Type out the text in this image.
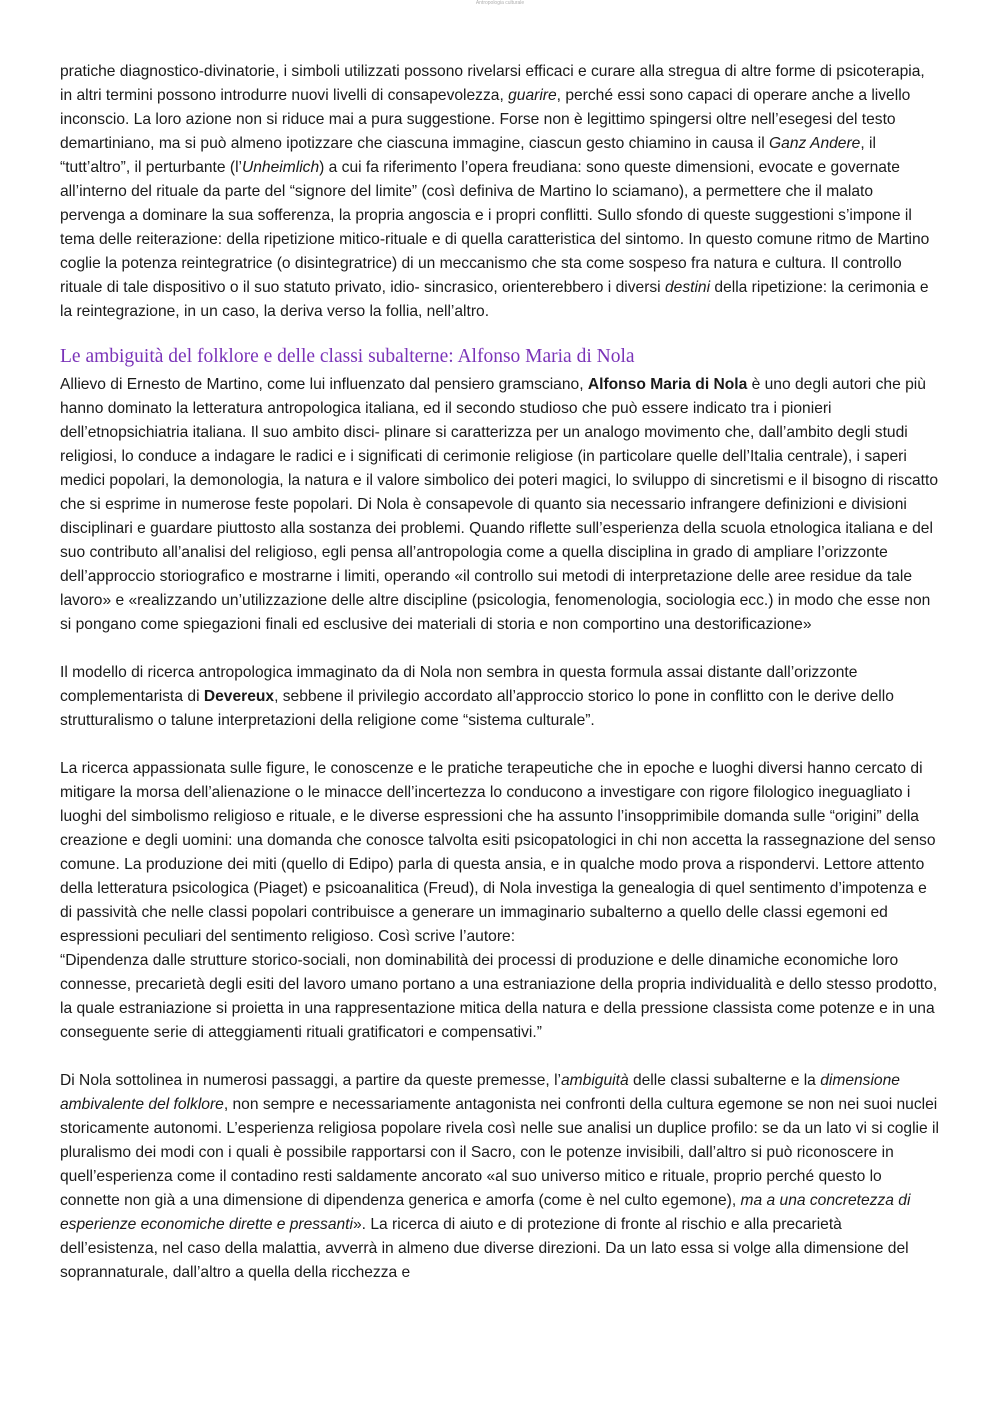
Antropologia culturale

pratiche diagnostico-divinatorie, i simboli utilizzati possono rivelarsi efficaci e curare alla stregua di altre forme di psicoterapia, in altri termini possono introdurre nuovi livelli di consapevolezza, guarire, perché essi sono capaci di operare anche a livello inconscio. La loro azione non si riduce mai a pura suggestione. Forse non è legittimo spingersi oltre nell’esegesi del testo demartiniano, ma si può almeno ipotizzare che ciascuna immagine, ciascun gesto chiamino in causa il Ganz Andere, il “tutt’altro”, il perturbante (l’Unheimlich) a cui fa riferimento l’opera freudiana: sono queste dimensioni, evocate e governate all’interno del rituale da parte del “signore del limite” (così definiva de Martino lo sciamano), a permettere che il malato pervenga a dominare la sua sofferenza, la propria angoscia e i propri conflitti. Sullo sfondo di queste suggestioni s’impone il tema delle reiterazione: della ripetizione mitico-rituale e di quella caratteristica del sintomo. In questo comune ritmo de Martino coglie la potenza reintegratrice (o disintegratrice) di un meccanismo che sta come sospeso fra natura e cultura. Il controllo rituale di tale dispositivo o il suo statuto privato, idio- sincrasico, orienterebbero i diversi destini della ripetizione: la cerimonia e la reintegrazione, in un caso, la deriva verso la follia, nell’altro.

Le ambiguità del folklore e delle classi subalterne: Alfonso Maria di Nola

Allievo di Ernesto de Martino, come lui influenzato dal pensiero gramsciano, Alfonso Maria di Nola è uno degli autori che più hanno dominato la letteratura antropologica italiana, ed il secondo studioso che può essere indicato tra i pionieri dell’etnopsichiatria italiana. Il suo ambito disci- plinare si caratterizza per un analogo movimento che, dall’ambito degli studi religiosi, lo conduce a indagare le radici e i significati di cerimonie religiose (in particolare quelle dell’Italia centrale), i saperi medici popolari, la demonologia, la natura e il valore simbolico dei poteri magici, lo sviluppo di sincretismi e il bisogno di riscatto che si esprime in numerose feste popolari. Di Nola è consapevole di quanto sia necessario infrangere definizioni e divisioni disciplinari e guardare piuttosto alla sostanza dei problemi. Quando riflette sull’esperienza della scuola etnologica italiana e del suo contributo all’analisi del religioso, egli pensa all’antropologia come a quella disciplina in grado di ampliare l’orizzonte dell’approccio storiografico e mostrarne i limiti, operando «il controllo sui metodi di interpretazione delle aree residue da tale lavoro» e «realizzando un’utilizzazione delle altre discipline (psicologia, fenomenologia, sociologia ecc.) in modo che esse non si pongano come spiegazioni finali ed esclusive dei materiali di storia e non comportino una destorificazione»

Il modello di ricerca antropologica immaginato da di Nola non sembra in questa formula assai distante dall’orizzonte complementarista di Devereux, sebbene il privilegio accordato all’approccio storico lo pone in conflitto con le derive dello strutturalismo o talune interpretazioni della religione come “sistema culturale”.

La ricerca appassionata sulle figure, le conoscenze e le pratiche terapeutiche che in epoche e luoghi diversi hanno cercato di mitigare la morsa dell’alienazione o le minacce dell’incertezza lo conducono a investigare con rigore filologico ineguagliato i luoghi del simbolismo religioso e rituale, e le diverse espressioni che ha assunto l’insopprimibile domanda sulle “origini” della creazione e degli uomini: una domanda che conosce talvolta esiti psicopatologici in chi non accetta la rassegnazione del senso comune. La produzione dei miti (quello di Edipo) parla di questa ansia, e in qualche modo prova a rispondervi. Lettore attento della letteratura psicologica (Piaget) e psicoanalitica (Freud), di Nola investiga la genealogia di quel sentimento d’impotenza e di passività che nelle classi popolari contribuisce a generare un immaginario subalterno a quello delle classi egemoni ed espressioni peculiari del sentimento religioso. Così scrive l’autore:

“Dipendenza dalle strutture storico-sociali, non dominabilità dei processi di produzione e delle dinamiche economiche loro connesse, precarietà degli esiti del lavoro umano portano a una estraniazione della propria individualità e dello stesso prodotto, la quale estraniazione si proietta in una rappresentazione mitica della natura e della pressione classista come potenze e in una conseguente serie di atteggiamenti rituali gratificatori e compensativi.”

Di Nola sottolinea in numerosi passaggi, a partire da queste premesse, l’ambiguità delle classi subalterne e la dimensione ambivalente del folklore, non sempre e necessariamente antagonista nei confronti della cultura egemone se non nei suoi nuclei storicamente autonomi. L’esperienza religiosa popolare rivela così nelle sue analisi un duplice profilo: se da un lato vi si coglie il pluralismo dei modi con i quali è possibile rapportarsi con il Sacro, con le potenze invisibili, dall’altro si può riconoscere in quell’esperienza come il contadino resti saldamente ancorato «al suo universo mitico e rituale, proprio perché questo lo connette non già a una dimensione di dipendenza generica e amorfa (come è nel culto egemone), ma a una concretezza di esperienze economiche dirette e pressanti». La ricerca di aiuto e di protezione di fronte al rischio e alla precarietà dell’esistenza, nel caso della malattia, avverrà in almeno due diverse direzioni. Da un lato essa si volge alla dimensione del soprannaturale, dall’altro a quella della ricchezza e
